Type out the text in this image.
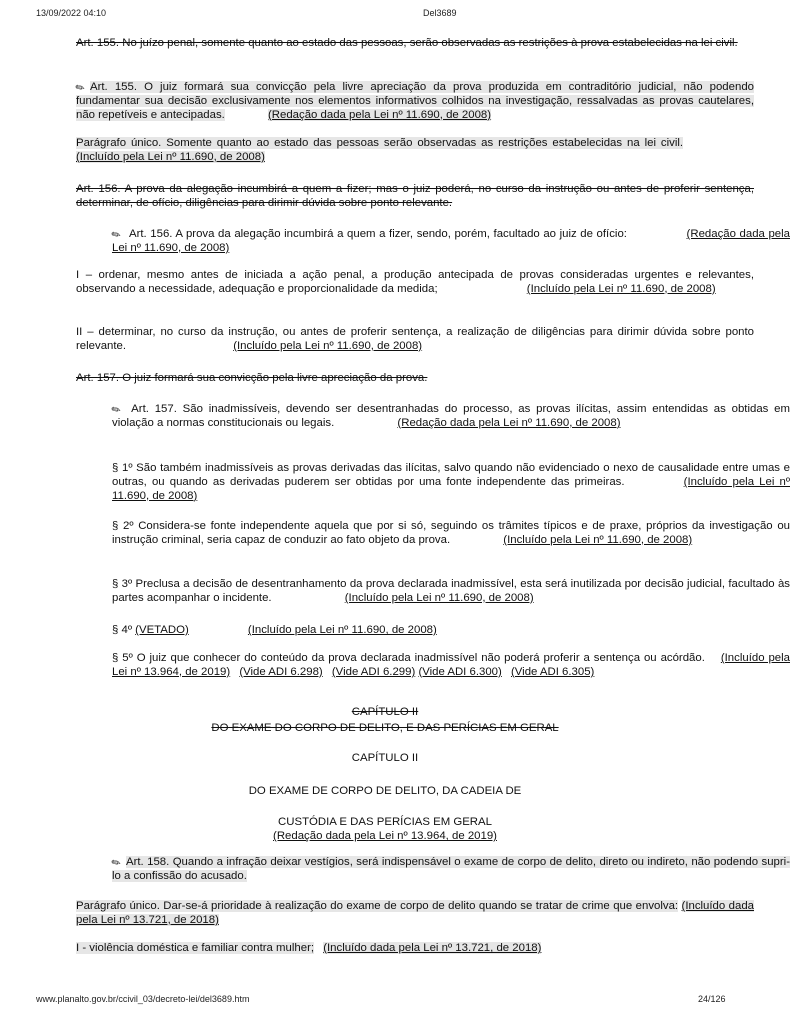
13/09/2022 04:10	Del3689
Art. 155. No juízo penal, somente quanto ao estado das pessoas, serão observadas as restrições à prova estabelecidas na lei civil.
✎ Art. 155. O juiz formará sua convicção pela livre apreciação da prova produzida em contraditório judicial, não podendo fundamentar sua decisão exclusivamente nos elementos informativos colhidos na investigação, ressalvadas as provas cautelares, não repetíveis e antecipadas.	(Redação dada pela Lei nº 11.690, de 2008)
Parágrafo único. Somente quanto ao estado das pessoas serão observadas as restrições estabelecidas na lei civil. (Incluído pela Lei nº 11.690, de 2008)
Art. 156. A prova da alegação incumbirá a quem a fizer; mas o juiz poderá, no curso da instrução ou antes de proferir sentença, determinar, de ofício, diligências para dirimir dúvida sobre ponto relevante.
✎ Art. 156. A prova da alegação incumbirá a quem a fizer, sendo, porém, facultado ao juiz de ofício:	(Redação dada pela Lei nº 11.690, de 2008)
I – ordenar, mesmo antes de iniciada a ação penal, a produção antecipada de provas consideradas urgentes e relevantes, observando a necessidade, adequação e proporcionalidade da medida;	(Incluído pela Lei nº 11.690, de 2008)
II – determinar, no curso da instrução, ou antes de proferir sentença, a realização de diligências para dirimir dúvida sobre ponto relevante.	(Incluído pela Lei nº 11.690, de 2008)
Art. 157. O juiz formará sua convicção pela livre apreciação da prova.
✎ Art. 157. São inadmissíveis, devendo ser desentranhadas do processo, as provas ilícitas, assim entendidas as obtidas em violação a normas constitucionais ou legais.	(Redação dada pela Lei nº 11.690, de 2008)
§ 1º São também inadmissíveis as provas derivadas das ilícitas, salvo quando não evidenciado o nexo de causalidade entre umas e outras, ou quando as derivadas puderem ser obtidas por uma fonte independente das primeiras.	(Incluído pela Lei nº 11.690, de 2008)
§ 2º Considera-se fonte independente aquela que por si só, seguindo os trâmites típicos e de praxe, próprios da investigação ou instrução criminal, seria capaz de conduzir ao fato objeto da prova.	(Incluído pela Lei nº 11.690, de 2008)
§ 3º Preclusa a decisão de desentranhamento da prova declarada inadmissível, esta será inutilizada por decisão judicial, facultado às partes acompanhar o incidente.	(Incluído pela Lei nº 11.690, de 2008)
§ 4º (VETADO)	(Incluído pela Lei nº 11.690, de 2008)
§ 5º O juiz que conhecer do conteúdo da prova declarada inadmissível não poderá proferir a sentença ou acórdão. (Incluído pela Lei nº 13.964, de 2019) (Vide ADI 6.298) (Vide ADI 6.299) (Vide ADI 6.300) (Vide ADI 6.305)
CAPÍTULO II
DO EXAME DO CORPO DE DELITO, E DAS PERÍCIAS EM GERAL
CAPÍTULO II
DO EXAME DE CORPO DE DELITO, DA CADEIA DE
CUSTÓDIA E DAS PERÍCIAS EM GERAL
(Redação dada pela Lei nº 13.964, de 2019)
✎ Art. 158. Quando a infração deixar vestígios, será indispensável o exame de corpo de delito, direto ou indireto, não podendo supri-lo a confissão do acusado.
Parágrafo único. Dar-se-á prioridade à realização do exame de corpo de delito quando se tratar de crime que envolva: (Incluído dada pela Lei nº 13.721, de 2018)
I - violência doméstica e familiar contra mulher; (Incluído dada pela Lei nº 13.721, de 2018)
www.planalto.gov.br/ccivil_03/decreto-lei/del3689.htm	24/126
